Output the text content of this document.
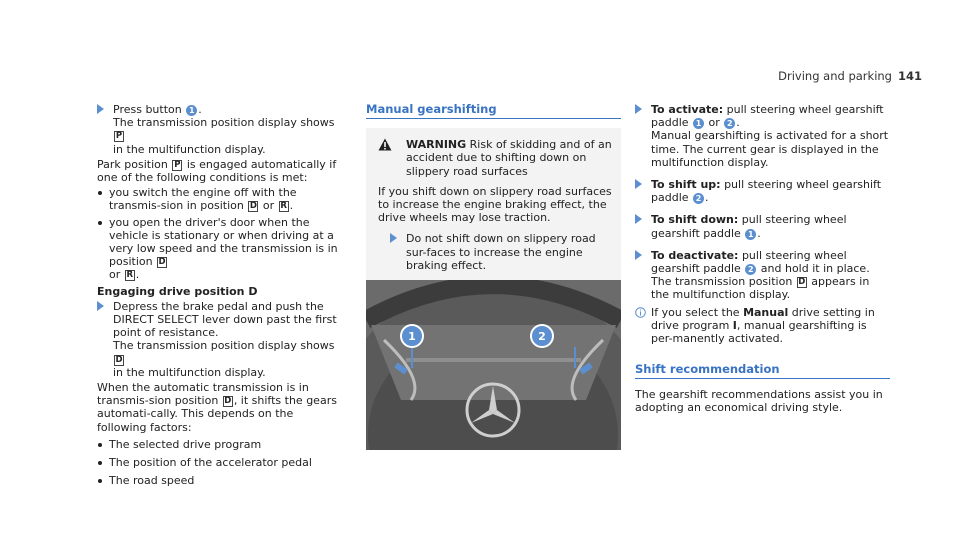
Driving and parking 141

Press button 1 .
The transmission position display shows P
in the multifunction display.

Park position P is engaged automatically if one of the following conditions is met:

you switch the engine off with the transmis-sion in position D or R .
you open the driver's door when the vehicle is stationary or when driving at a very low speed and the transmission is in position D
or R .

Engaging drive position D

Depress the brake pedal and push the DIRECT SELECT lever down past the first point of resistance.
The transmission position display shows D
in the multifunction display.

When the automatic transmission is in transmis-sion position D , it shifts the gears automati-cally. This depends on the following factors:

The selected drive program
The position of the accelerator pedal
The road speed
Manual gearshifting
WARNING Risk of skidding and of an accident due to shifting down on slippery road surfaces

If you shift down on slippery road surfaces to increase the engine braking effect, the drive wheels may lose traction.

Do not shift down on slippery road sur-faces to increase the engine braking effect.

1	2

To activate: pull steering wheel gearshift paddle 1 or 2 .
Manual gearshifting is activated for a short time. The current gear is displayed in the multifunction display.

To shift up: pull steering wheel gearshift paddle 2 .

To shift down: pull steering wheel gearshift paddle 1 .

To deactivate: pull steering wheel gearshift paddle 2 and hold it in place.
The transmission position D appears in the multifunction display.

If you select the Manual drive setting in drive program I, manual gearshifting is per-manently activated.

Shift recommendation

The gearshift recommendations assist you in adopting an economical driving style.
